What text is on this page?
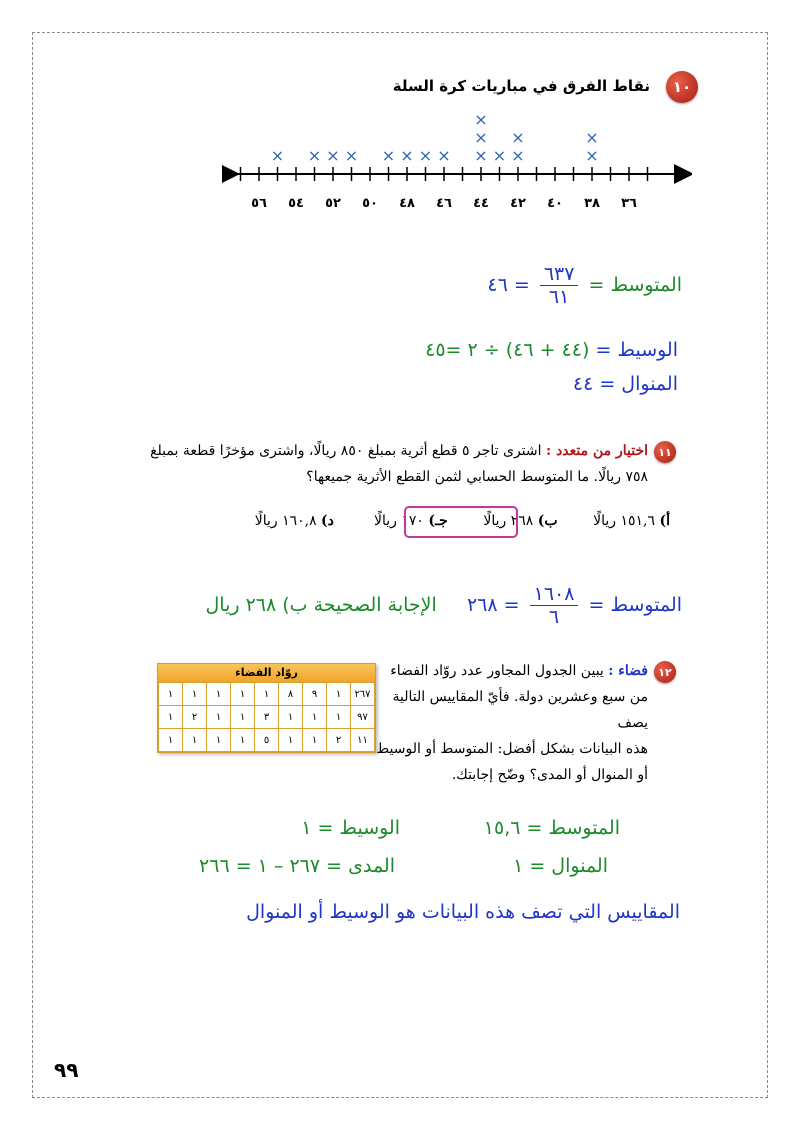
١٠
نقاط الفرق في مباريات كرة السلة
×
×
×
×
×
×
×
×
×
×
×
×
×
×
×
×
٣٦
٣٨
٤٠
٤٢
٤٤
٤٦
٤٨
٥٠
٥٢
٥٤
٥٦
المتوسط =
$\frac{٦٣٧}{٦١}$
= ٤٦
الوسيط = (٤٤ + ٤٦) ÷ ٢ =٤٥
المنوال = ٤٤
١١
اختيار من متعدد : اشترى تاجر ٥ قطع أثرية بمبلغ ٨٥٠ ريالًا، واشترى مؤخرًا قطعة بمبلغ
٧٥٨ ريالًا. ما المتوسط الحسابي لثمن القطع الأثرية جميعها؟
أ) ١٥١,٦ ريالًا        ب) ٢٦٨ ريالًا        جـ) ١٧٠ ريالًا         د) ١٦٠,٨ ريالًا
المتوسط =
$\frac{١٦٠٨}{٦}$
= ٢٦٨     الإجابة الصحيحة ب) ٢٦٨ ريال
١٢
فضاء : يبين الجدول المجاور عدد روّاد الفضاء
من سبع وعشرين دولة. فأيّ المقاييس التالية يصف
هذه البيانات بشكل أفضل: المتوسط أو الوسيط
أو المنوال أو المدى؟ وضّح إجابتك.
روّاد الفضاء
٢٦٧	١	٩	٨	١	١	١	١	١
٩٧	١	١	١	٣	١	١	٢	١
١١	٢	١	١	٥	١	١	١	١
المتوسط = ١٥,٦
الوسيط = ١
المنوال = ١
المدى = ٢٦٧ – ١ = ٢٦٦
المقاييس التي تصف هذه البيانات هو الوسيط أو المنوال
٩٩
